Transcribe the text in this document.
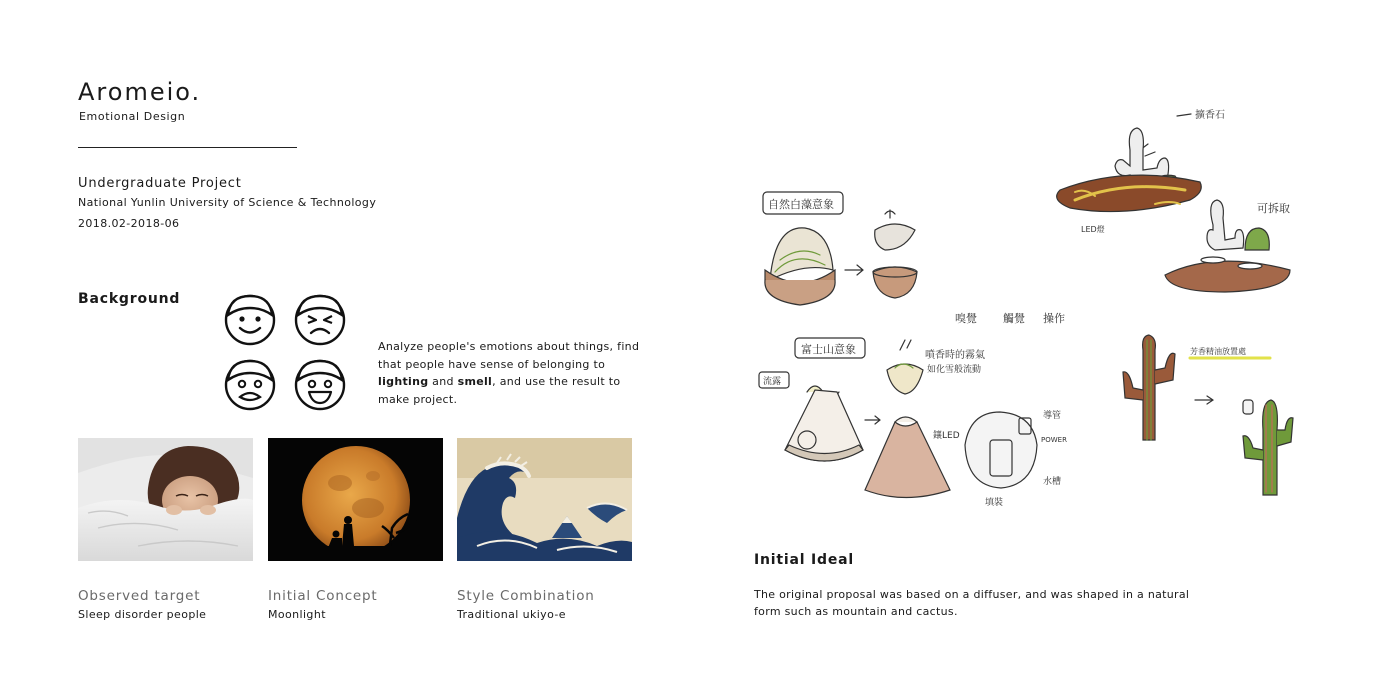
Aromeio.
Emotional Design
Undergraduate Project
National Yunlin University of Science & Technology
2018.02-2018-06
Background
Analyze people's emotions about things, find that people have sense of belonging to lighting and smell, and use the result to make project.
Observed target
Sleep disorder people
Initial Concept
Moonlight
Style Combination
Traditional ukiyo-e
自然白藻意象
擴香石
LED燈
可拆取
嗅覺 觸覺 操作
富士山意象
流露
噴香時的霧氣
如化雪般流動
鑲LED
導管
POWER
水槽
填裝
芳香精油放置處
Initial Ideal
The original proposal was based on a diffuser, and was shaped in a natural form such as mountain and cactus.
